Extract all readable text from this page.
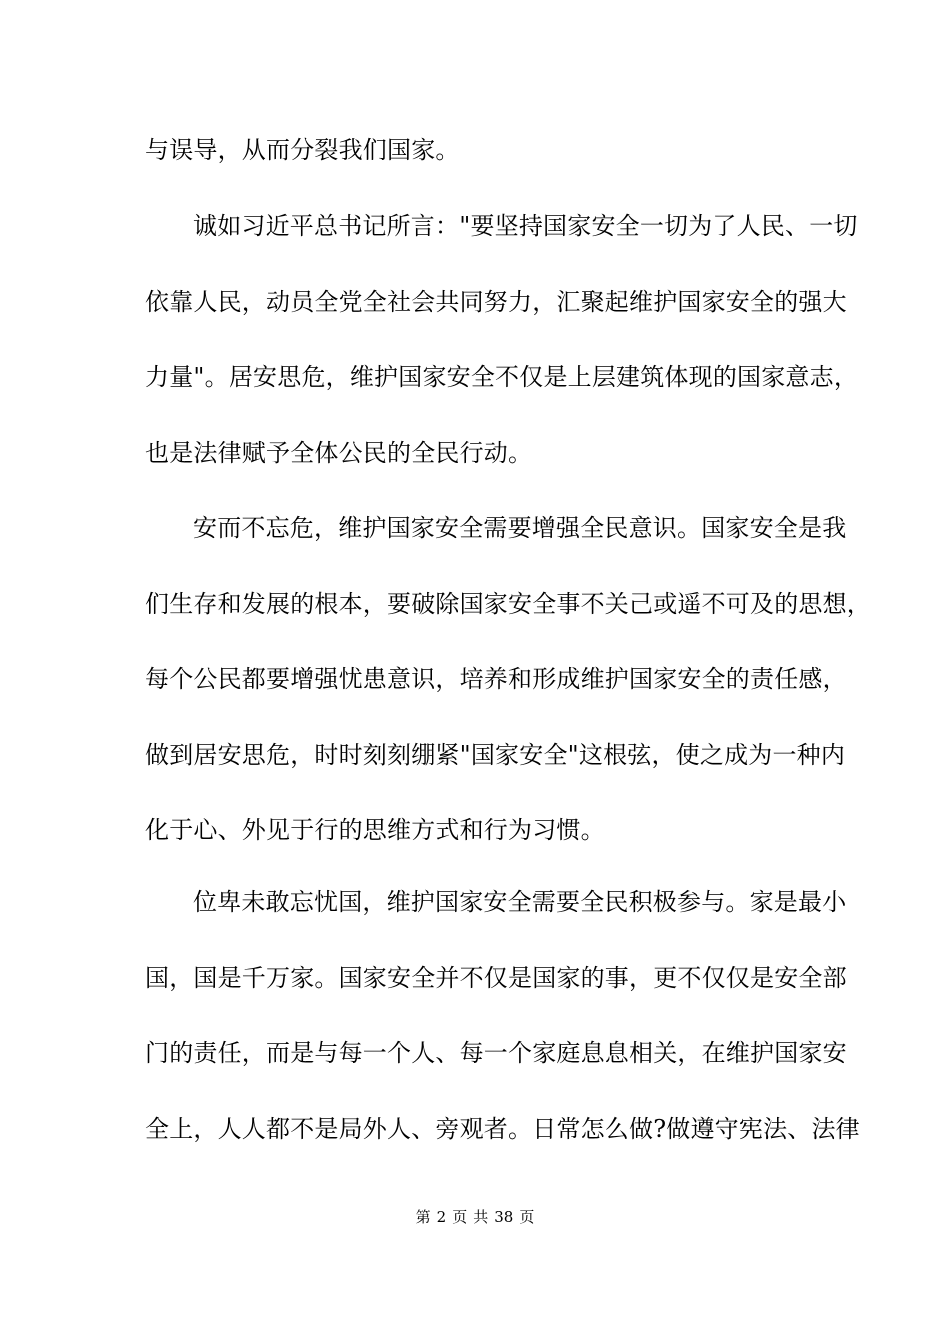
与误导，从而分裂我们国家。
诚如习近平总书记所言："要坚持国家安全一切为了人民、一切
依靠人民，动员全党全社会共同努力，汇聚起维护国家安全的强大
力量"。居安思危，维护国家安全不仅是上层建筑体现的国家意志，
也是法律赋予全体公民的全民行动。
安而不忘危，维护国家安全需要增强全民意识。国家安全是我
们生存和发展的根本，要破除国家安全事不关己或遥不可及的思想，
每个公民都要增强忧患意识，培养和形成维护国家安全的责任感，
做到居安思危，时时刻刻绷紧"国家安全"这根弦，使之成为一种内
化于心、外见于行的思维方式和行为习惯。
位卑未敢忘忧国，维护国家安全需要全民积极参与。家是最小
国，国是千万家。国家安全并不仅是国家的事，更不仅仅是安全部
门的责任，而是与每一个人、每一个家庭息息相关，在维护国家安
全上，人人都不是局外人、旁观者。日常怎么做?做遵守宪法、法律
第 2 页 共 38 页
